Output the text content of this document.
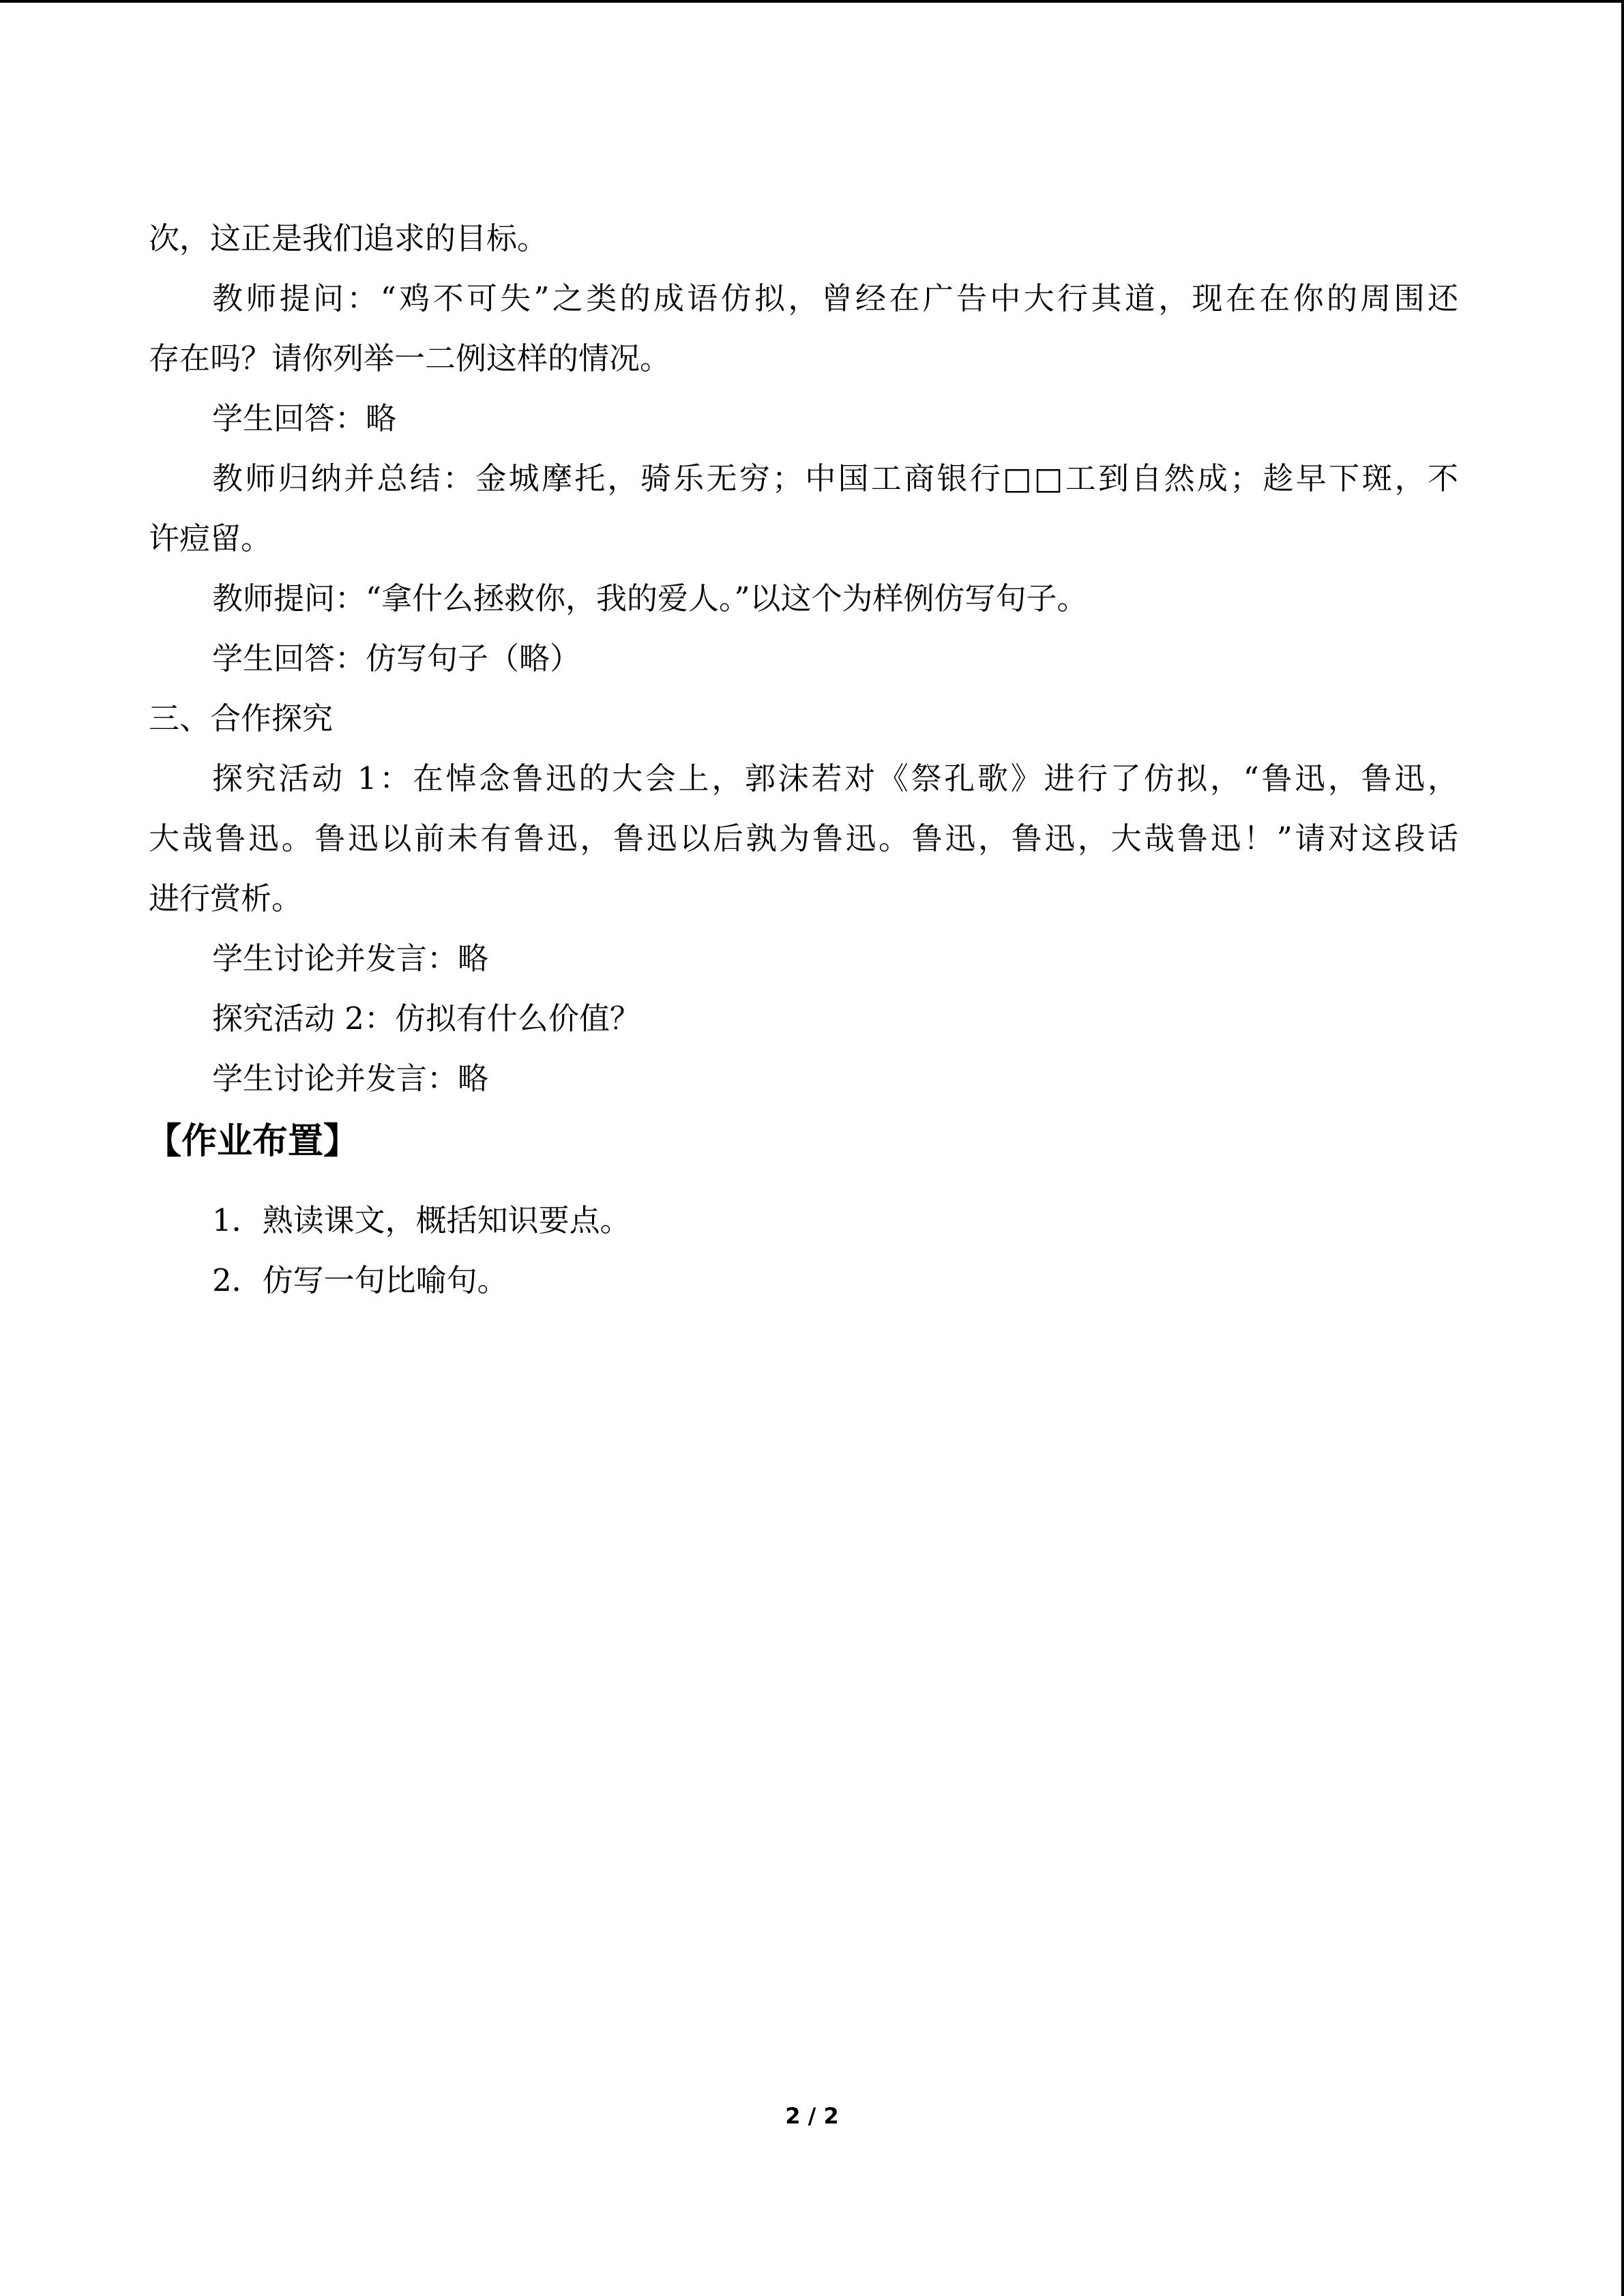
次，这正是我们追求的目标。
教师提问：“鸡不可失”之类的成语仿拟，曾经在广告中大行其道，现在在你的周围还
存在吗？请你列举一二例这样的情况。
学生回答：略
教师归纳并总结：金城摩托，骑乐无穷；中国工商银行□□工到自然成；趁早下斑，不
许痘留。
教师提问：“拿什么拯救你，我的爱人。”以这个为样例仿写句子。
学生回答：仿写句子（略）
三、合作探究
探究活动 1：在悼念鲁迅的大会上，郭沫若对《祭孔歌》进行了仿拟，“鲁迅，鲁迅，
大哉鲁迅。鲁迅以前未有鲁迅，鲁迅以后孰为鲁迅。鲁迅，鲁迅，大哉鲁迅！”请对这段话
进行赏析。
学生讨论并发言：略
探究活动 2：仿拟有什么价值？
学生讨论并发言：略
【作业布置】
1．熟读课文，概括知识要点。
2．仿写一句比喻句。
2 / 2
